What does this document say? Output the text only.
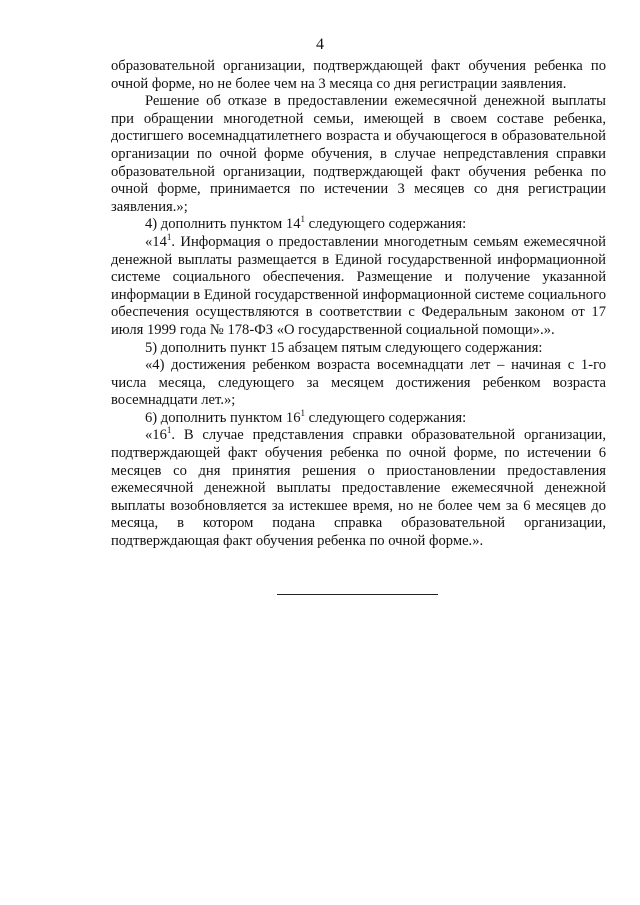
4

образовательной организации, подтверждающей факт обучения ребенка по очной форме, но не более чем на 3 месяца со дня регистрации заявления.

Решение об отказе в предоставлении ежемесячной денежной выплаты при обращении многодетной семьи, имеющей в своем составе ребенка, достигшего восемнадцатилетнего возраста и обучающегося в образовательной организации по очной форме обучения, в случае непредставления справки образовательной организации, подтверждающей факт обучения ребенка по очной форме, принимается по истечении 3 месяцев со дня регистрации заявления.»;

4) дополнить пунктом $14^1$ следующего содержания:

«$14^1$. Информация о предоставлении многодетным семьям ежемесячной денежной выплаты размещается в Единой государственной информационной системе социального обеспечения. Размещение и получение указанной информации в Единой государственной информационной системе социального обеспечения осуществляются в соответствии с Федеральным законом от 17 июля 1999 года № 178-ФЗ «О государственной социальной помощи».».

5) дополнить пункт 15 абзацем пятым следующего содержания:

«4) достижения ребенком возраста восемнадцати лет – начиная с 1-го числа месяца, следующего за месяцем достижения ребенком возраста восемнадцати лет.»;

6) дополнить пунктом $16^1$ следующего содержания:

«$16^1$. В случае представления справки образовательной организации, подтверждающей факт обучения ребенка по очной форме, по истечении 6 месяцев со дня принятия решения о приостановлении предоставления ежемесячной денежной выплаты предоставление ежемесячной денежной выплаты возобновляется за истекшее время, но не более чем за 6 месяцев до месяца, в котором подана справка образовательной организации, подтверждающая факт обучения ребенка по очной форме.».
